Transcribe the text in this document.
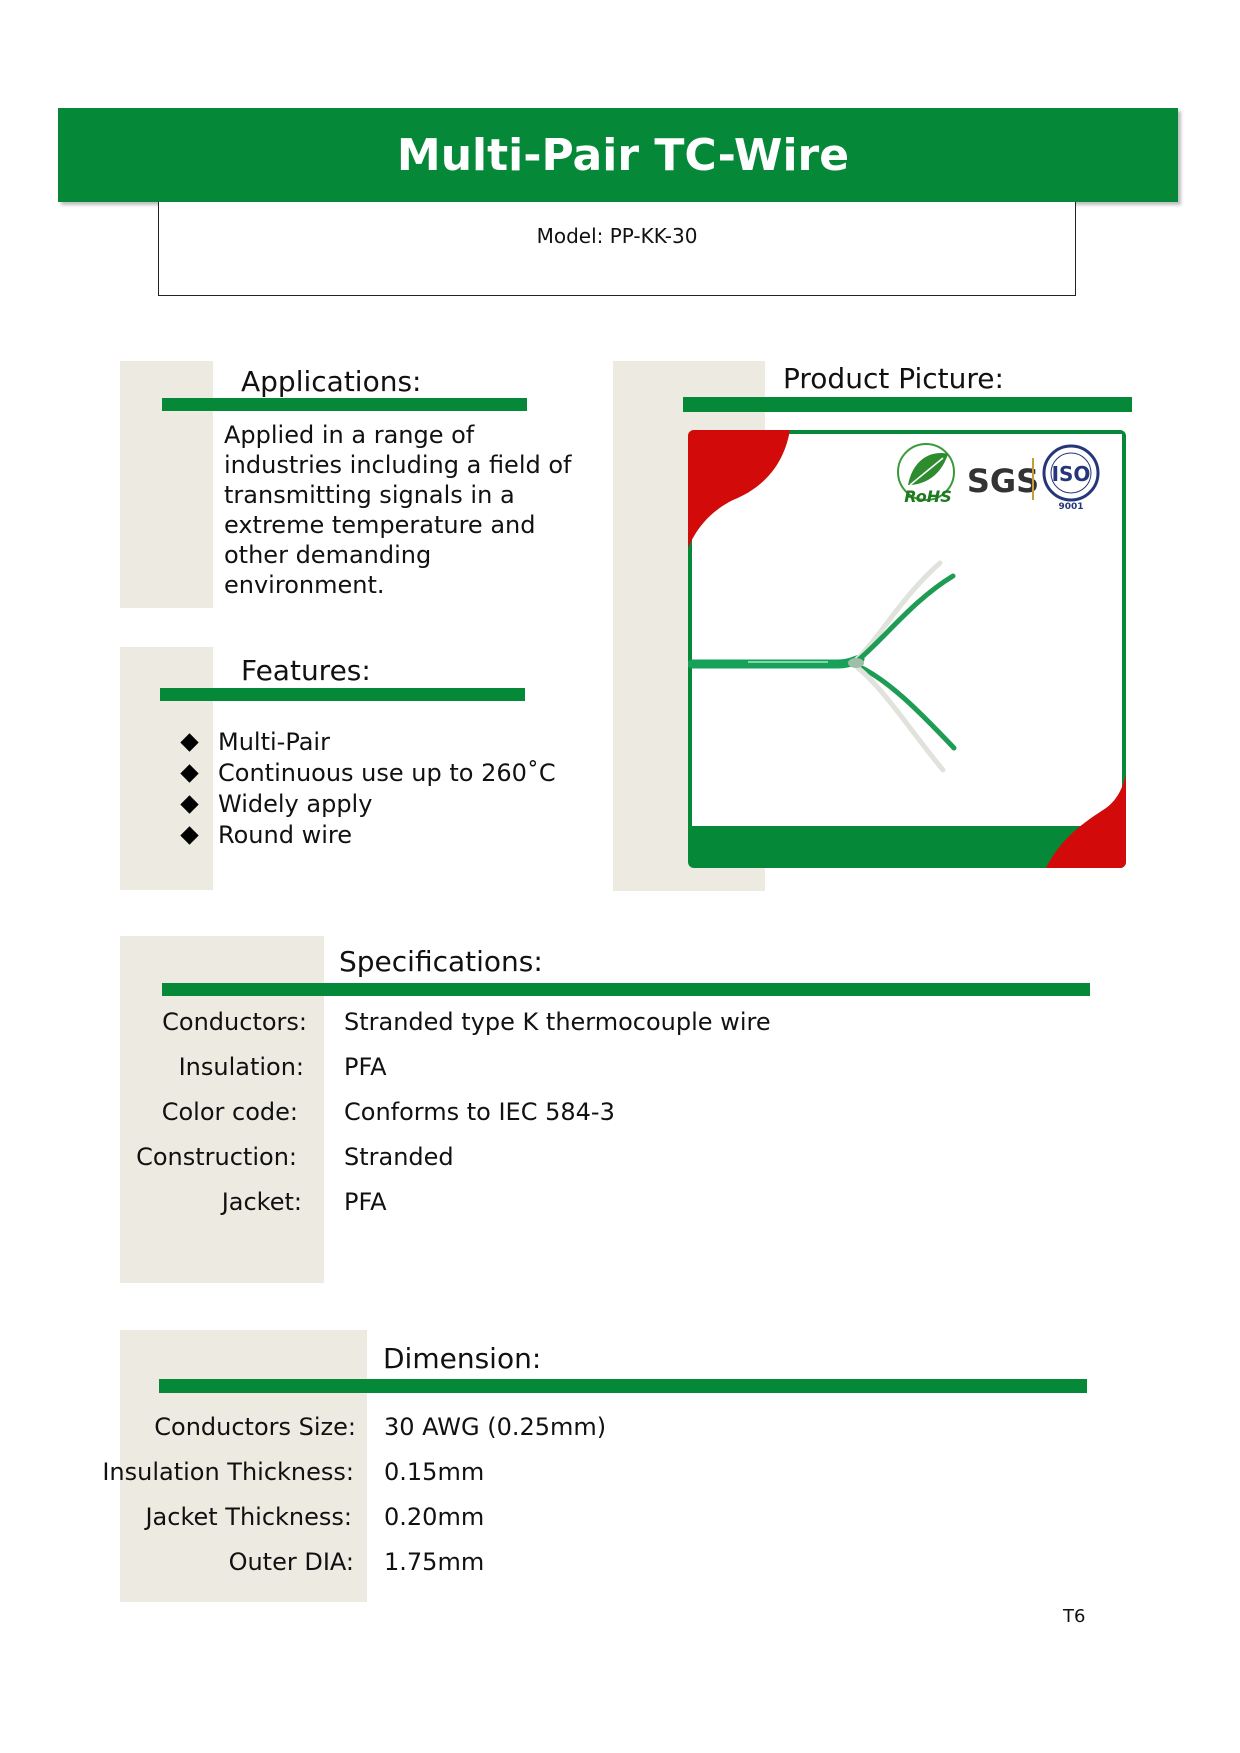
Multi-Pair TC-Wire
Model: PP-KK-30
Applications:
Applied in a range of
industries including a field of
transmitting signals in a
extreme temperature and
other demanding
environment.
Features:
Multi-Pair
Continuous use up to 260˚C
Widely apply
Round wire
Product Picture:
RoHS SGS ISO
9001
Specifications:
Conductors: Stranded type K thermocouple wire
Insulation: PFA
Color code: Conforms to IEC 584-3
Construction: Stranded
Jacket: PFA
Dimension:
Conductors Size: 30 AWG (0.25mm)
Insulation Thickness: 0.15mm
Jacket Thickness: 0.20mm
Outer DIA: 1.75mm
T6
